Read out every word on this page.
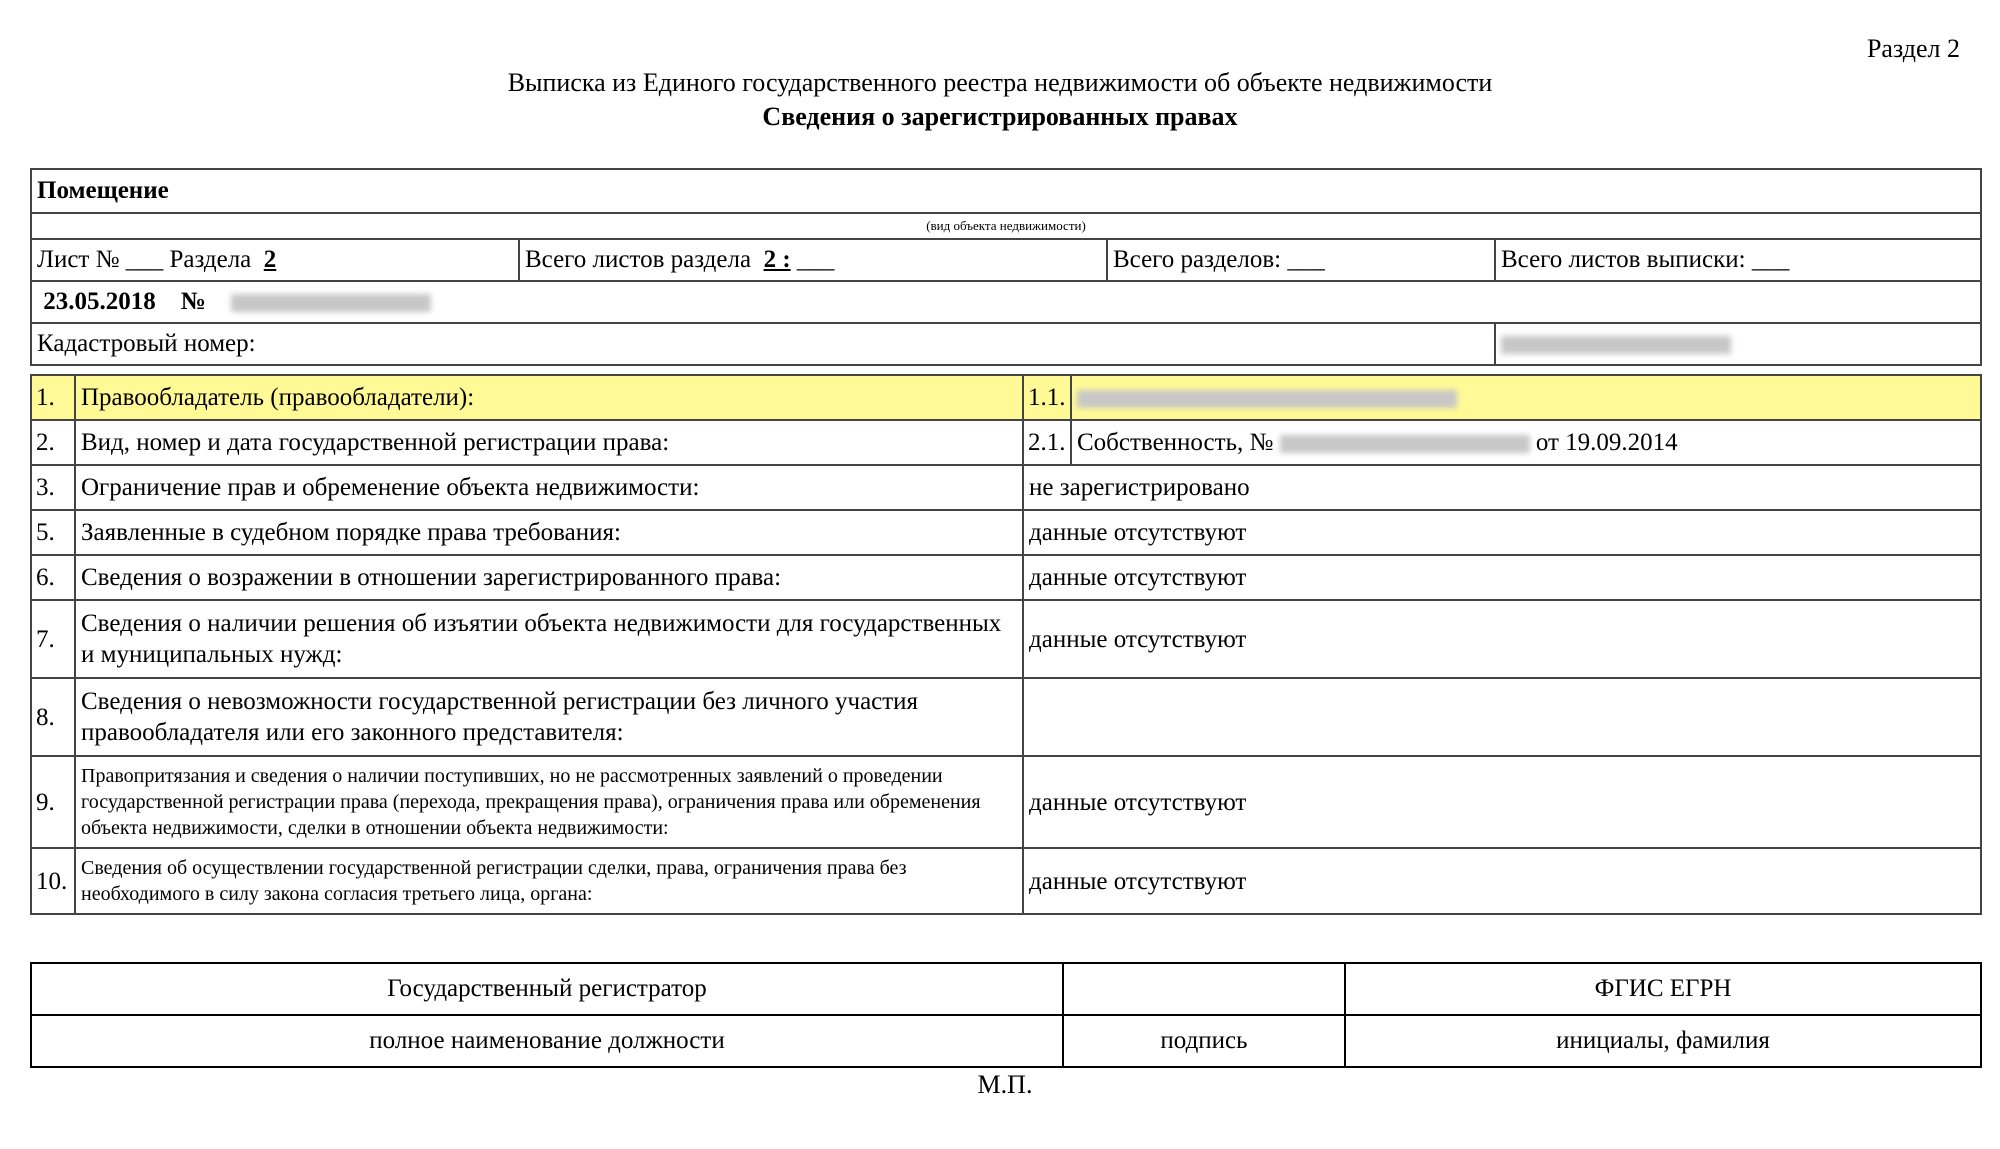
Раздел 2
Выписка из Единого государственного реестра недвижимости об объекте недвижимости
Сведения о зарегистрированных правах
Помещение			
(вид объекта недвижимости)			
Лист № ___ Раздела 2	Всего листов раздела 2 : ___	Всего разделов: ___	Всего листов выписки: ___
23.05.2018 №			
Кадастровый номер:			
1.	Правообладатель (правообладатели):	1.1.	
2.	Вид, номер и дата государственной регистрации права:	2.1.	Собственность, № от 19.09.2014
3.	Ограничение прав и обременение объекта недвижимости:	не зарегистрировано	
5.	Заявленные в судебном порядке права требования:	данные отсутствуют	
6.	Сведения о возражении в отношении зарегистрированного права:	данные отсутствуют	
7.	Сведения о наличии решения об изъятии объекта недвижимости для государственных и муниципальных нужд:	данные отсутствуют	
8.	Сведения о невозможности государственной регистрации без личного участия правообладателя или его законного представителя:		
9.	Правопритязания и сведения о наличии поступивших, но не рассмотренных заявлений о проведении государственной регистрации права (перехода, прекращения права), ограничения права или обременения объекта недвижимости, сделки в отношении объекта недвижимости:	данные отсутствуют	
10.	Сведения об осуществлении государственной регистрации сделки, права, ограничения права без необходимого в силу закона согласия третьего лица, органа:	данные отсутствуют	
Государственный регистратор		ФГИС ЕГРН
полное наименование должности	подпись	инициалы, фамилия
М.П.
